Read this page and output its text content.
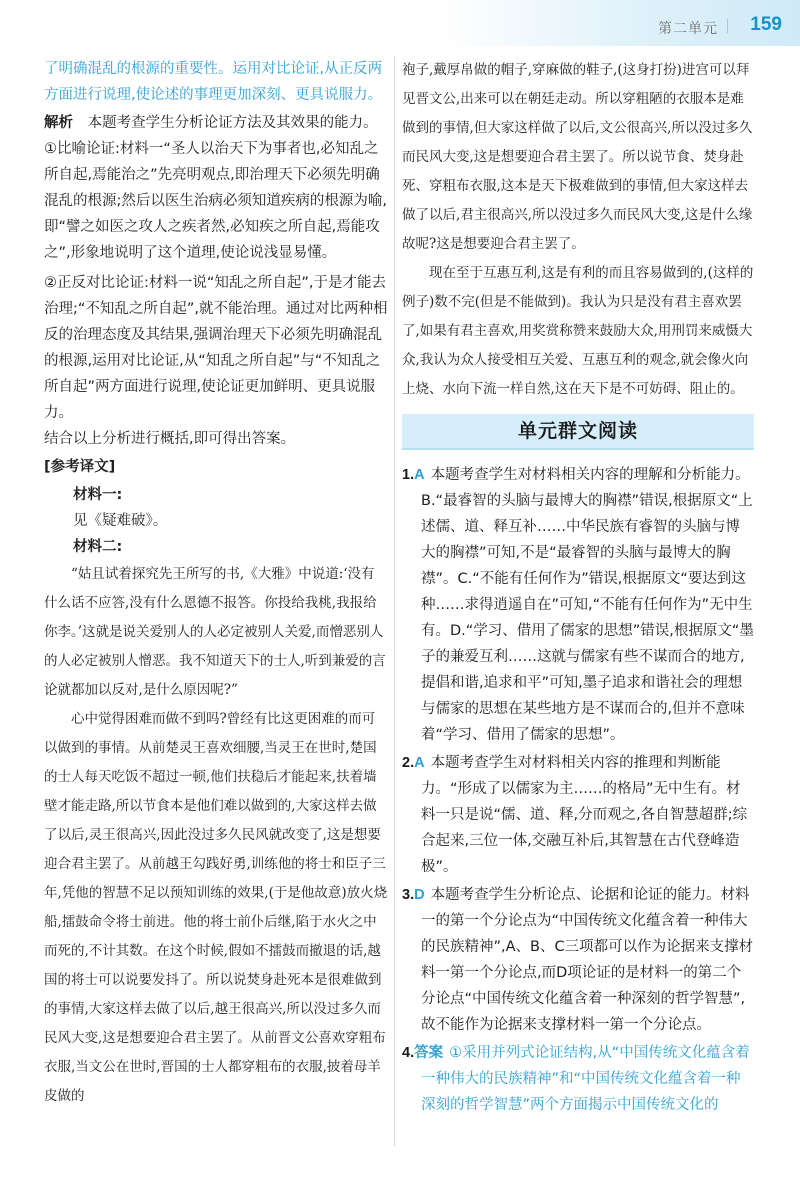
第二单元 159

了明确混乱的根源的重要性。运用对比论证,从正反两方面进行说理,使论述的事理更加深刻、更具说服力。

解析 本题考查学生分析论证方法及其效果的能力。

①比喻论证:材料一“圣人以治天下为事者也,必知乱之所自起,焉能治之”先亮明观点,即治理天下必须先明确混乱的根源;然后以医生治病必须知道疾病的根源为喻,即“譬之如医之攻人之疾者然,必知疾之所自起,焉能攻之”,形象地说明了这个道理,使论说浅显易懂。

②正反对比论证:材料一说“知乱之所自起”,于是才能去治理;“不知乱之所自起”,就不能治理。通过对比两种相反的治理态度及其结果,强调治理天下必须先明确混乱的根源,运用对比论证,从“知乱之所自起”与“不知乱之所自起”两方面进行说理,使论证更加鲜明、更具说服力。

结合以上分析进行概括,即可得出答案。

[参考译文]

材料一:

见《疑难破》。

材料二:

“姑且试着探究先王所写的书,《大雅》中说道:‘没有什么话不应答,没有什么恩德不报答。你投给我桃,我报给你李。’这就是说关爱别人的人必定被别人关爱,而憎恶别人的人必定被别人憎恶。我不知道天下的士人,听到兼爱的言论就都加以反对,是什么原因呢?”

心中觉得困难而做不到吗?曾经有比这更困难的而可以做到的事情。从前楚灵王喜欢细腰,当灵王在世时,楚国的士人每天吃饭不超过一顿,他们扶稳后才能起来,扶着墙壁才能走路,所以节食本是他们难以做到的,大家这样去做了以后,灵王很高兴,因此没过多久民风就改变了,这是想要迎合君主罢了。从前越王勾践好勇,训练他的将士和臣子三年,凭他的智慧不足以预知训练的效果,(于是他故意)放火烧船,擂鼓命令将士前进。他的将士前仆后继,陷于水火之中而死的,不计其数。在这个时候,假如不擂鼓而撤退的话,越国的将士可以说要发抖了。所以说焚身赴死本是很难做到的事情,大家这样去做了以后,越王很高兴,所以没过多久而民风大变,这是想要迎合君主罢了。从前晋文公喜欢穿粗布衣服,当文公在世时,晋国的士人都穿粗布的衣服,披着母羊皮做的

袍子,戴厚帛做的帽子,穿麻做的鞋子,(这身打扮)进宫可以拜见晋文公,出来可以在朝廷走动。所以穿粗陋的衣服本是难做到的事情,但大家这样做了以后,文公很高兴,所以没过多久而民风大变,这是想要迎合君主罢了。所以说节食、焚身赴死、穿粗布衣服,这本是天下极难做到的事情,但大家这样去做了以后,君主很高兴,所以没过多久而民风大变,这是什么缘故呢?这是想要迎合君主罢了。

现在至于互惠互利,这是有利的而且容易做到的,(这样的例子)数不完(但是不能做到)。我认为只是没有君主喜欢罢了,如果有君主喜欢,用奖赏称赞来鼓励大众,用刑罚来威慑大众,我认为众人接受相互关爱、互惠互利的观念,就会像火向上烧、水向下流一样自然,这在天下是不可妨碍、阻止的。

单元群文阅读

1.A 本题考查学生对材料相关内容的理解和分析能力。B.“最睿智的头脑与最博大的胸襟”错误,根据原文“上述儒、道、释互补……中华民族有睿智的头脑与博大的胸襟”可知,不是“最睿智的头脑与最博大的胸襟”。C.“不能有任何作为”错误,根据原文“要达到这种……求得逍遥自在”可知,“不能有任何作为”无中生有。D.“学习、借用了儒家的思想”错误,根据原文“墨子的兼爱互利……这就与儒家有些不谋而合的地方,提倡和谐,追求和平”可知,墨子追求和谐社会的理想与儒家的思想在某些地方是不谋而合的,但并不意味着“学习、借用了儒家的思想”。

2.A 本题考查学生对材料相关内容的推理和判断能力。“形成了以儒家为主……的格局”无中生有。材料一只是说“儒、道、释,分而观之,各自智慧超群;综合起来,三位一体,交融互补后,其智慧在古代登峰造极”。

3.D 本题考查学生分析论点、论据和论证的能力。材料一的第一个分论点为“中国传统文化蕴含着一种伟大的民族精神”,A、B、C三项都可以作为论据来支撑材料一第一个分论点,而D项论证的是材料一的第二个分论点“中国传统文化蕴含着一种深刻的哲学智慧”,故不能作为论据来支撑材料一第一个分论点。

4.答案 ①采用并列式论证结构,从“中国传统文化蕴含着一种伟大的民族精神”和“中国传统文化蕴含着一种深刻的哲学智慧”两个方面揭示中国传统文化的
